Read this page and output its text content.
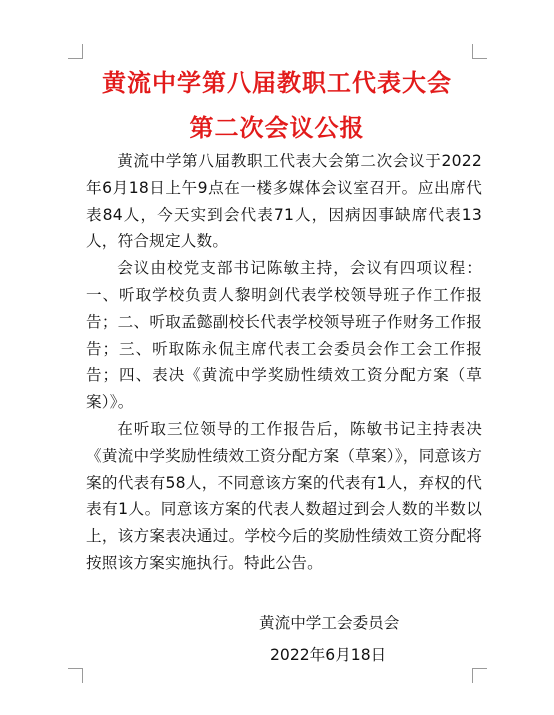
黄流中学第八届教职工代表大会
第二次会议公报

黄流中学第八届教职工代表大会第二次会议于2022年6月18日上午9点在一楼多媒体会议室召开。应出席代表84人，今天实到会代表71人，因病因事缺席代表13人，符合规定人数。

会议由校党支部书记陈敏主持，会议有四项议程：一、听取学校负责人黎明剑代表学校领导班子作工作报告；二、听取孟懿副校长代表学校领导班子作财务工作报告；三、听取陈永侃主席代表工会委员会作工会工作报告；四、表决《黄流中学奖励性绩效工资分配方案（草案）》。

在听取三位领导的工作报告后，陈敏书记主持表决《黄流中学奖励性绩效工资分配方案（草案）》，同意该方案的代表有58人，不同意该方案的代表有1人，弃权的代表有1人。同意该方案的代表人数超过到会人数的半数以上，该方案表决通过。学校今后的奖励性绩效工资分配将按照该方案实施执行。特此公告。

黄流中学工会委员会
2022年6月18日
